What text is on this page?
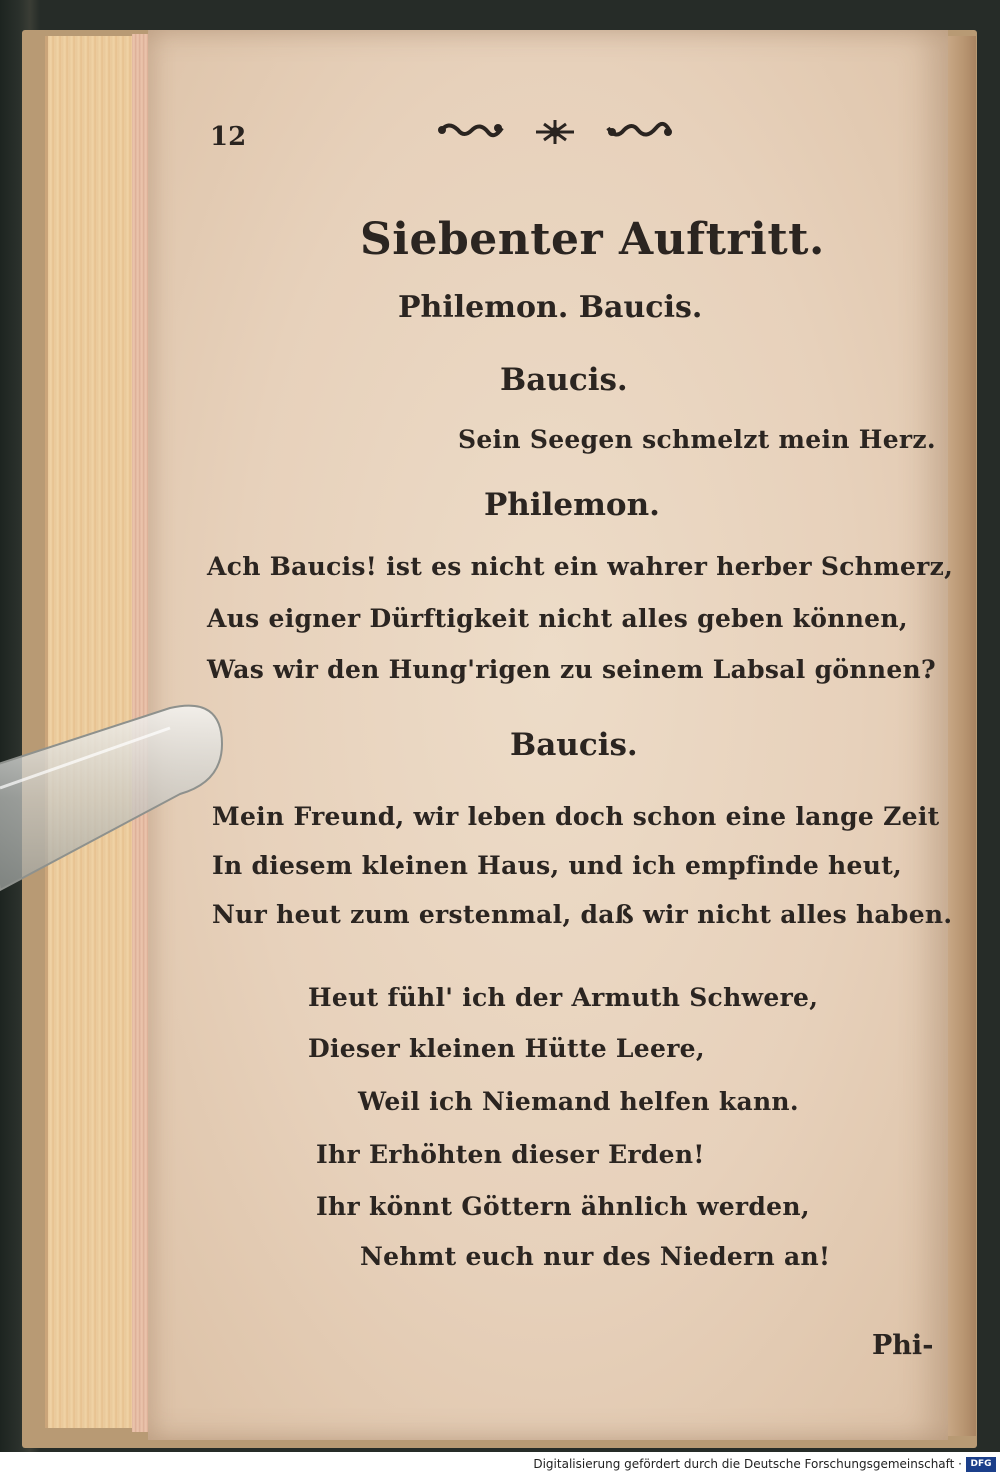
12
Siebenter Auftritt.
Philemon. Baucis.
Baucis.
Sein Seegen schmelzt mein Herz.
Philemon.
Ach Baucis! ist es nicht ein wahrer herber Schmerz,
Aus eigner Dürftigkeit nicht alles geben können,
Was wir den Hung'rigen zu seinem Labsal gönnen?
Baucis.
Mein Freund, wir leben doch schon eine lange Zeit
In diesem kleinen Haus, und ich empfinde heut,
Nur heut zum erstenmal, daß wir nicht alles haben.
Heut fühl' ich der Armuth Schwere,
Dieser kleinen Hütte Leere,
Weil ich Niemand helfen kann.
Ihr Erhöhten dieser Erden!
Ihr könnt Göttern ähnlich werden,
Nehmt euch nur des Niedern an!
Phi-
Digitalisierung gefördert durch die Deutsche Forschungsgemeinschaft · DFG
